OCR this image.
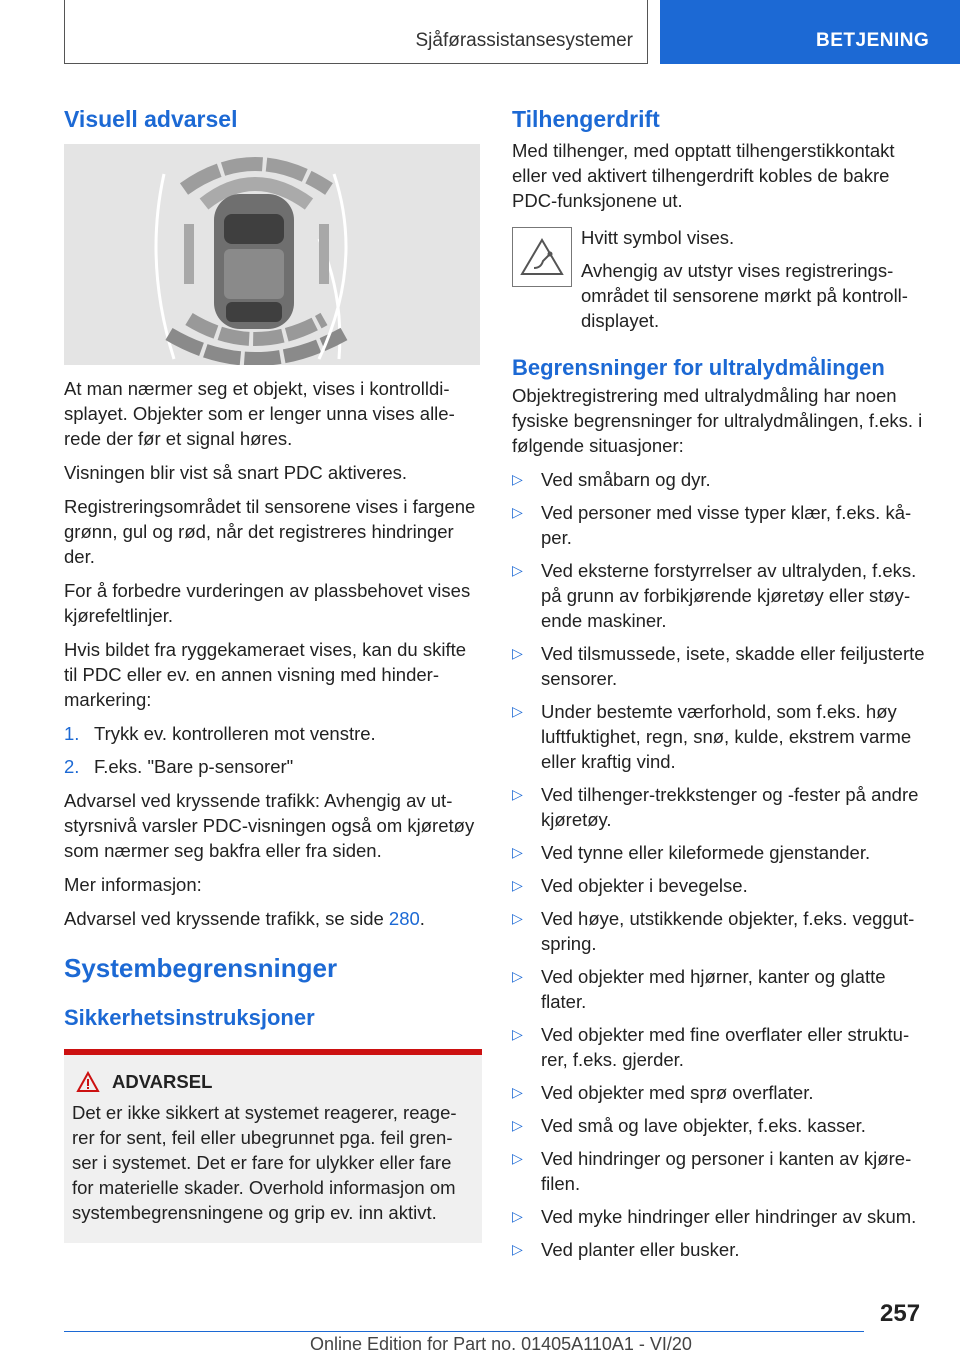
Sjåførassistansesystemer	BETJENING
Visuell advarsel

At man nærmer seg et objekt, vises i kontrolldisplayet. Objekter som er lenger unna vises allerede der før et signal høres.

Visningen blir vist så snart PDC aktiveres.

Registreringsområdet til sensorene vises i fargene grønn, gul og rød, når det registreres hindringer der.

For å forbedre vurderingen av plassbehovet vises kjørefeltlinjer.

Hvis bildet fra ryggekameraet vises, kan du skifte til PDC eller ev. en annen visning med hindermarkering:

1. Trykk ev. kontrolleren mot venstre.
2. F.eks. "Bare p-sensorer"

Advarsel ved kryssende trafikk: Avhengig av utstyrsnivå varsler PDC-visningen også om kjøretøy som nærmer seg bakfra eller fra siden.

Mer informasjon:

Advarsel ved kryssende trafikk, se side 280.

Systembegrensninger
Sikkerhetsinstruksjoner
ADVARSEL
Det er ikke sikkert at systemet reagerer, reagerer for sent, feil eller ubegrunnet pga. feil grenser i systemet. Det er fare for ulykker eller fare for materielle skader. Overhold informasjon om systembegrensningene og grip ev. inn aktivt.
Tilhengerdrift

Med tilhenger, med opptatt tilhengerstikkontakt eller ved aktivert tilhengerdrift kobles de bakre PDC-funksjonene ut.

Hvitt symbol vises.
Avhengig av utstyr vises registreringsområdet til sensorene mørkt på kontrolldisplayet.
Begrensninger for ultralydmålingen

Objektregistrering med ultralydmåling har noen fysiske begrensninger for ultralydmålingen, f.eks. i følgende situasjoner:

▷ Ved småbarn og dyr.
▷ Ved personer med visse typer klær, f.eks. kåper.
▷ Ved eksterne forstyrrelser av ultralyden, f.eks. på grunn av forbikjørende kjøretøy eller støyende maskiner.
▷ Ved tilsmussede, isete, skadde eller feiljusterte sensorer.
▷ Under bestemte værforhold, som f.eks. høy luftfuktighet, regn, snø, kulde, ekstrem varme eller kraftig vind.
▷ Ved tilhenger-trekkstenger og -fester på andre kjøretøy.
▷ Ved tynne eller kileformede gjenstander.
▷ Ved objekter i bevegelse.
▷ Ved høye, utstikkende objekter, f.eks. veggutspring.
▷ Ved objekter med hjørner, kanter og glatte flater.
▷ Ved objekter med fine overflater eller strukturer, f.eks. gjerder.
▷ Ved objekter med sprø overflater.
▷ Ved små og lave objekter, f.eks. kasser.
▷ Ved hindringer og personer i kanten av kjørefilen.
▷ Ved myke hindringer eller hindringer av skum.
▷ Ved planter eller busker.
257
Online Edition for Part no. 01405A110A1 - VI/20
